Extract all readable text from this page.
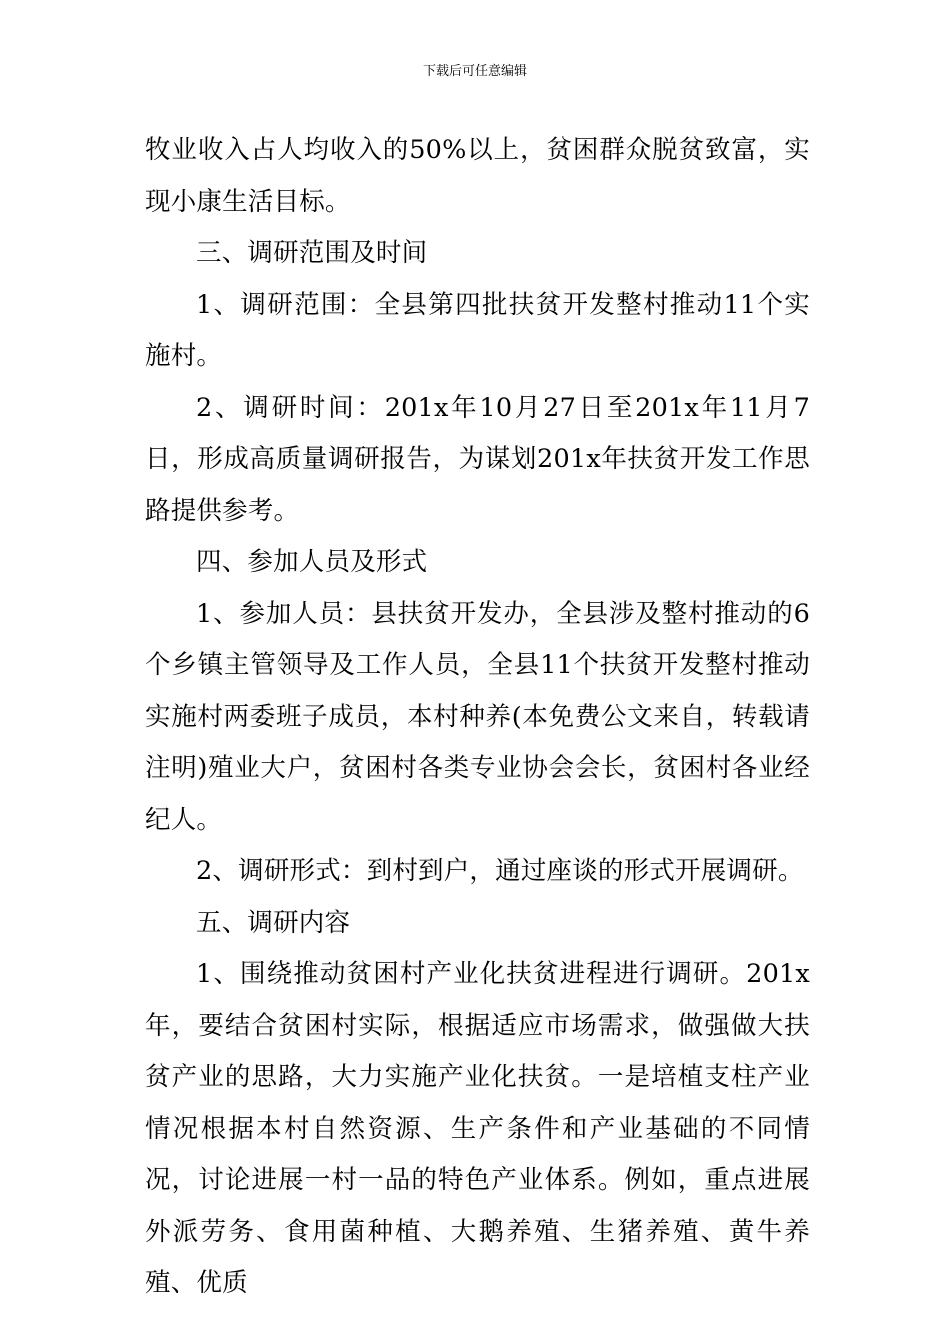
下载后可任意编辑

牧业收入占人均收入的50%以上，贫困群众脱贫致富，实现小康生活目标。

三、调研范围及时间

1、调研范围：全县第四批扶贫开发整村推动11个实施村。

2、调研时间：201x年10月27日至201x年11月7日，形成高质量调研报告，为谋划201x年扶贫开发工作思路提供参考。

四、参加人员及形式

1、参加人员：县扶贫开发办，全县涉及整村推动的6个乡镇主管领导及工作人员，全县11个扶贫开发整村推动实施村两委班子成员，本村种养(本免费公文来自，转载请注明)殖业大户，贫困村各类专业协会会长，贫困村各业经纪人。

2、调研形式：到村到户，通过座谈的形式开展调研。

五、调研内容

1、围绕推动贫困村产业化扶贫进程进行调研。201x年，要结合贫困村实际，根据适应市场需求，做强做大扶贫产业的思路，大力实施产业化扶贫。一是培植支柱产业情况根据本村自然资源、生产条件和产业基础的不同情况，讨论进展一村一品的特色产业体系。例如，重点进展外派劳务、食用菌种植、大鹅养殖、生猪养殖、黄牛养殖、优质
